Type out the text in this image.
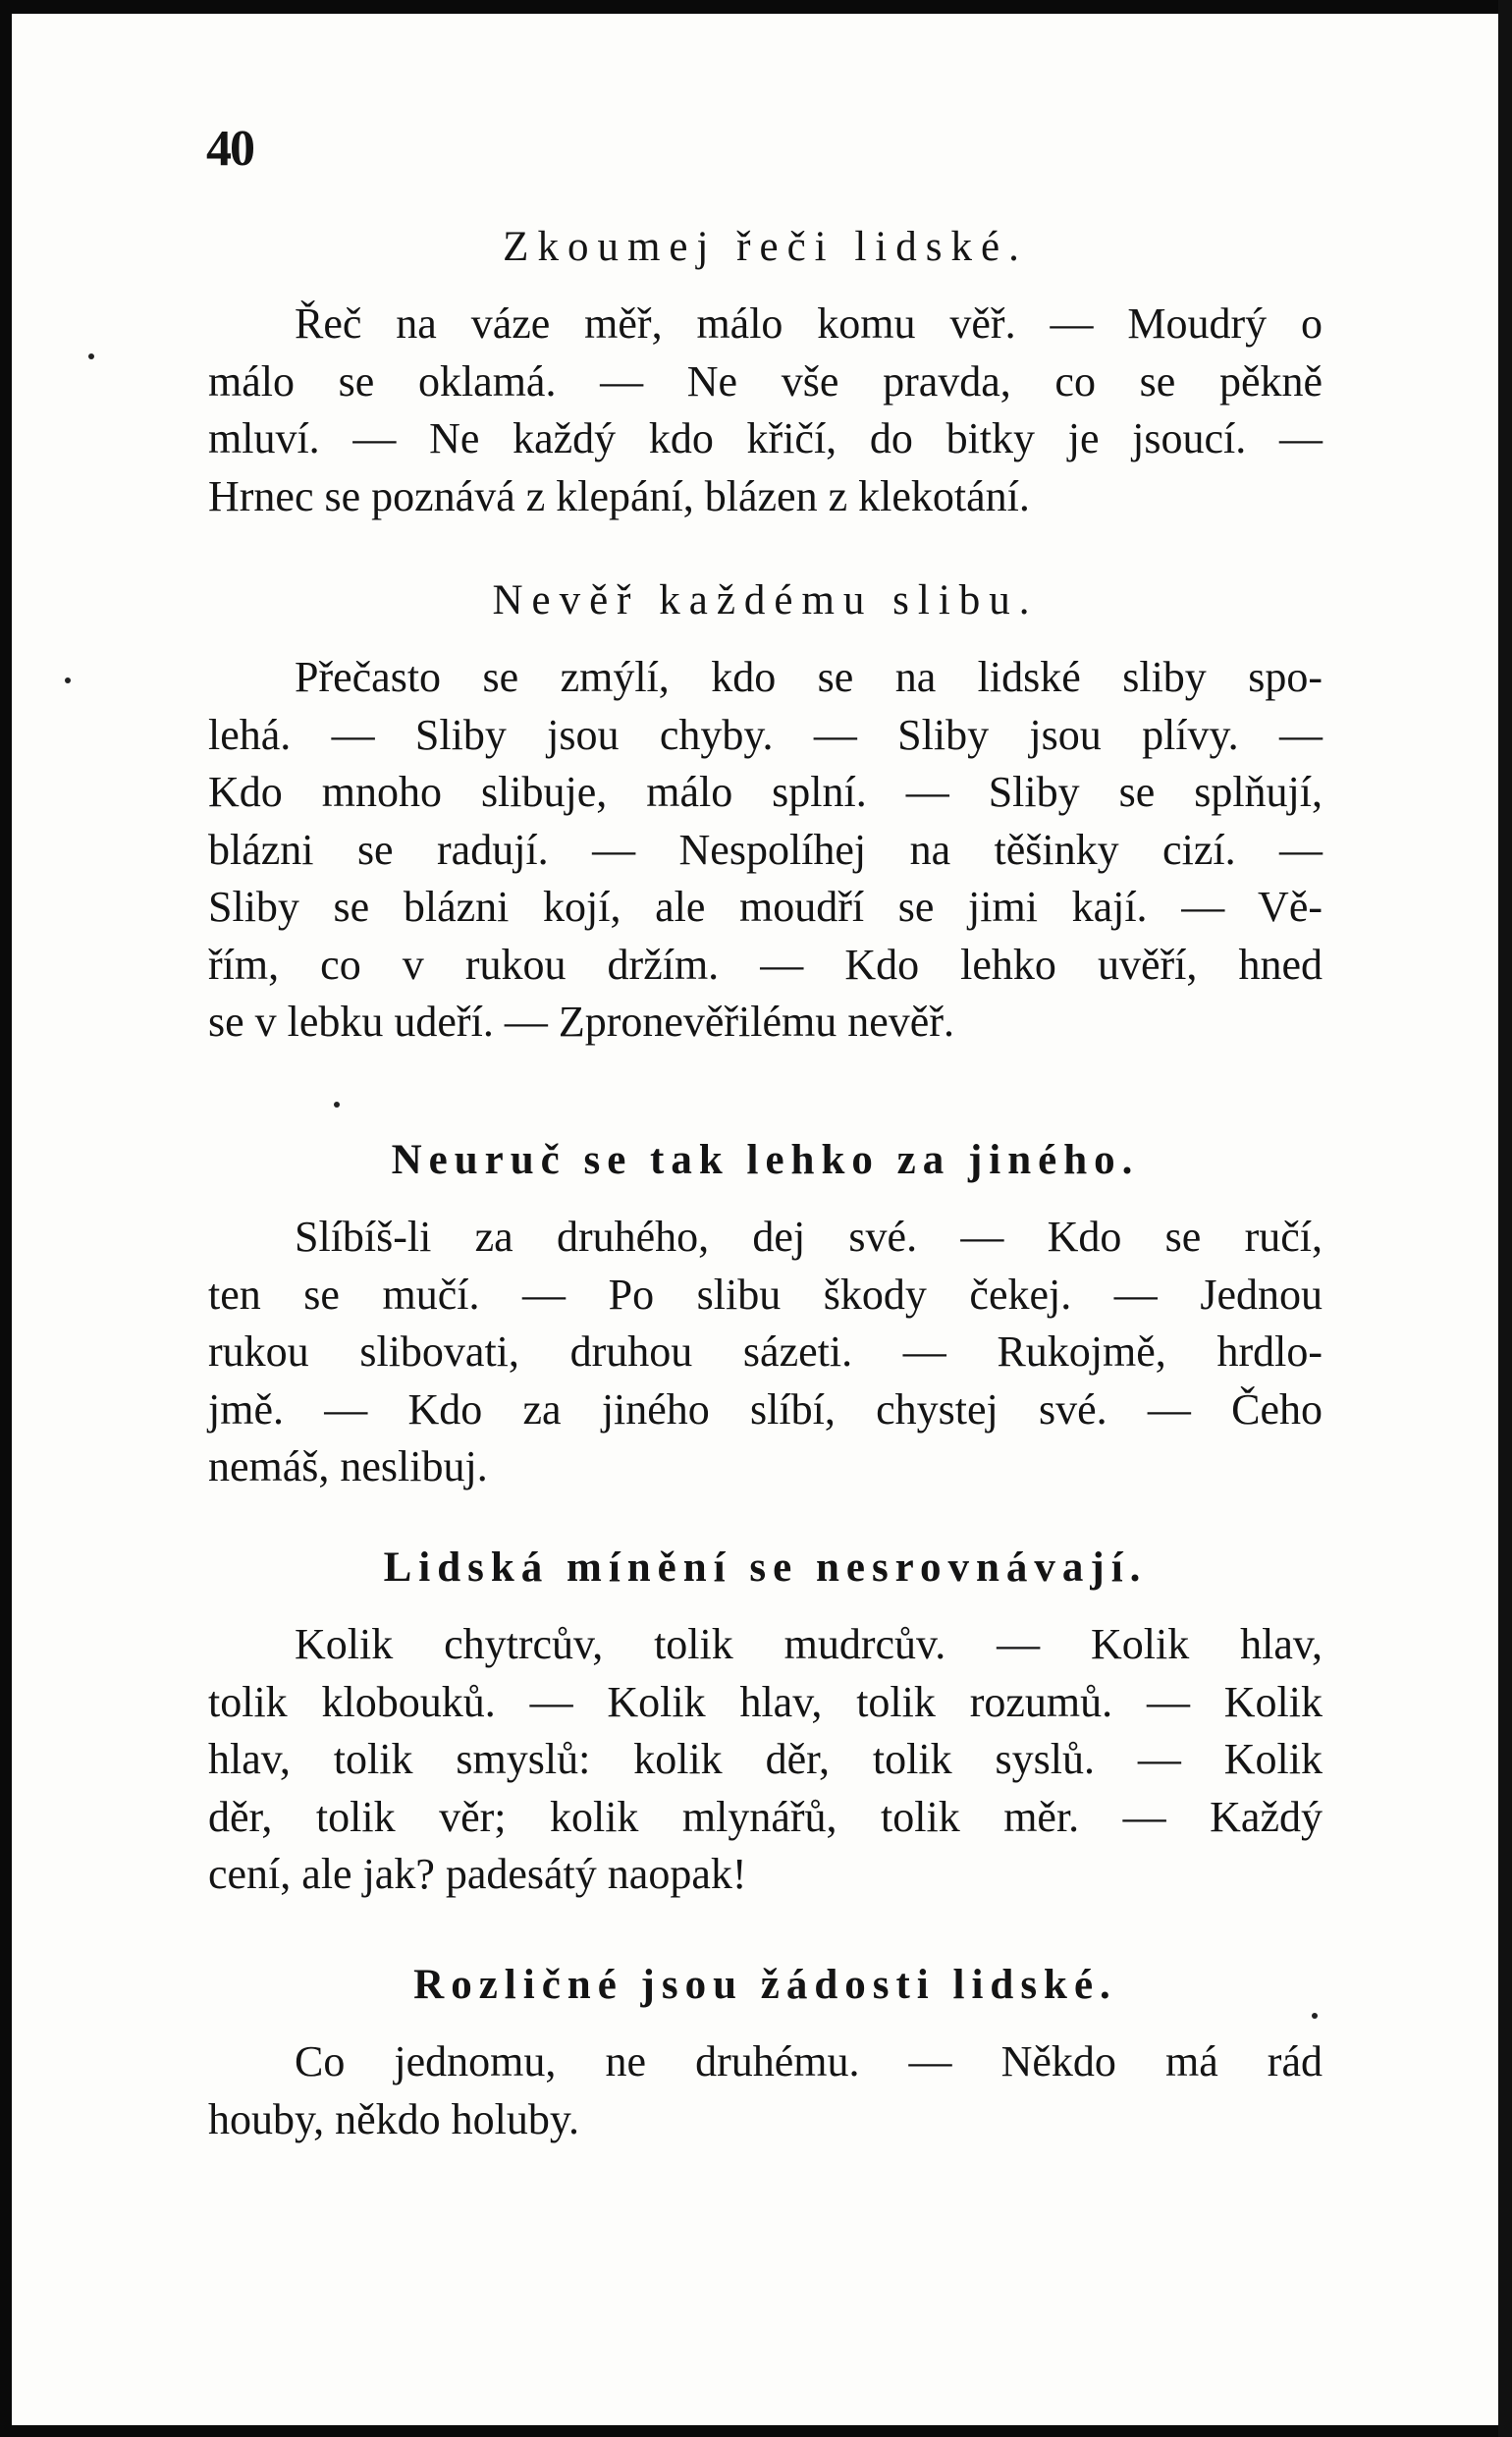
40
Zkoumej řeči lidské.
Řeč na váze měř, málo komu věř. — Moudrý o
málo se oklamá. — Ne vše pravda, co se pěkně
mluví. — Ne každý kdo křičí, do bitky je jsoucí. —
Hrnec se poznává z klepání, blázen z klekotání.
Nevěř každému slibu.
Přečasto se zmýlí, kdo se na lidské sliby spo-
lehá. — Sliby jsou chyby. — Sliby jsou plívy. —
Kdo mnoho slibuje, málo splní. — Sliby se splňují,
blázni se radují. — Nespolíhej na těšinky cizí. —
Sliby se blázni kojí, ale moudří se jimi kají. — Vě-
řím, co v rukou držím. — Kdo lehko uvěří, hned
se v lebku udeří. — Zpronevěřilému nevěř.
Neuruč se tak lehko za jiného.
Slíbíš-li za druhého, dej své. — Kdo se ručí,
ten se mučí. — Po slibu škody čekej. — Jednou
rukou slibovati, druhou sázeti. — Rukojmě, hrdlo-
jmě. — Kdo za jiného slíbí, chystej své. — Čeho
nemáš, neslibuj.
Lidská mínění se nesrovnávají.
Kolik chytrcův, tolik mudrcův. — Kolik hlav,
tolik klobouků. — Kolik hlav, tolik rozumů. — Kolik
hlav, tolik smyslů: kolik děr, tolik syslů. — Kolik
děr, tolik věr; kolik mlynářů, tolik měr. — Každý
cení, ale jak? padesátý naopak!
Rozličné jsou žádosti lidské.
Co jednomu, ne druhému. — Někdo má rád
houby, někdo holuby.
